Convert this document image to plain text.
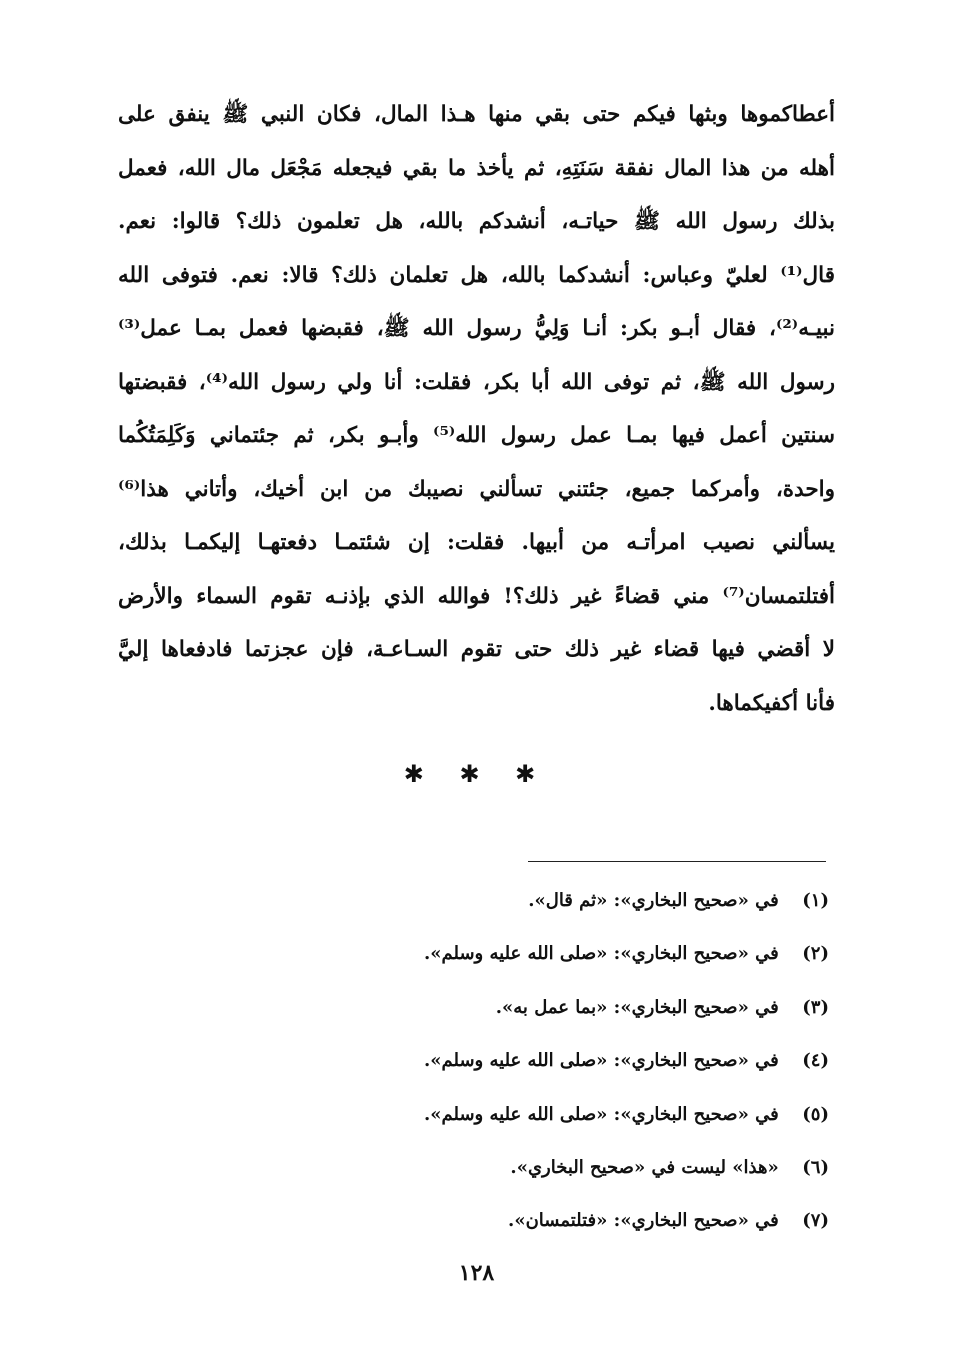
أعطاكموها وبثها فيكم حتى بقي منها هـذا المال، فكان النبي ﷺ ينفق على
أهله من هذا المال نفقة سَنَتِهِ، ثم يأخذ ما بقي فيجعله مَجْعَل مال الله، فعمل
بذلك رسول الله ﷺ حياتـه، أنشدكم بالله، هل تعلمون ذلك؟ قالوا: نعم.
قال⁽¹⁾ لعليّ وعباس: أنشدكما بالله، هل تعلمان ذلك؟ قالا: نعم. فتوفى الله
نبيـه⁽²⁾، فقال أبـو بكر: أنـا وَلِيُّ رسول الله ﷺ، فقبضها فعمل بمـا عمل⁽³⁾
رسول الله ﷺ، ثم توفى الله أبا بكر، فقلت: أنا ولي رسول الله⁽⁴⁾، فقبضتها
سنتين أعمل فيها بمـا عمل رسول الله⁽⁵⁾ وأبـو بكر، ثم جئتماني وَكَلِمَتُكُما
واحدة، وأمركما جميع، جئتني تسألني نصيبك من ابن أخيك، وأتاني هذا⁽⁶⁾
يسألني نصيب امرأتـه من أبيها. فقلت: إن شئتمـا دفعتهـا إليكمـا بذلك،
أفتلتمسان⁽⁷⁾ مني قضاءً غير ذلك؟! فوالله الذي بإذنـه تقوم السماء والأرض
لا أقضي فيها قضاء غير ذلك حتى تقوم السـاعـة، فإن عجزتما فادفعاها إليَّ
فأنا أكفيكماها.
✱ ✱ ✱
(١) في «صحيح البخاري»: «ثم قال».
(٢) في «صحيح البخاري»: «صلى الله عليه وسلم».
(٣) في «صحيح البخاري»: «بما عمل به».
(٤) في «صحيح البخاري»: «صلى الله عليه وسلم».
(٥) في «صحيح البخاري»: «صلى الله عليه وسلم».
(٦) «هذا» ليست في «صحيح البخاري».
(٧) في «صحيح البخاري»: «فتلتمسان».
١٢٨
